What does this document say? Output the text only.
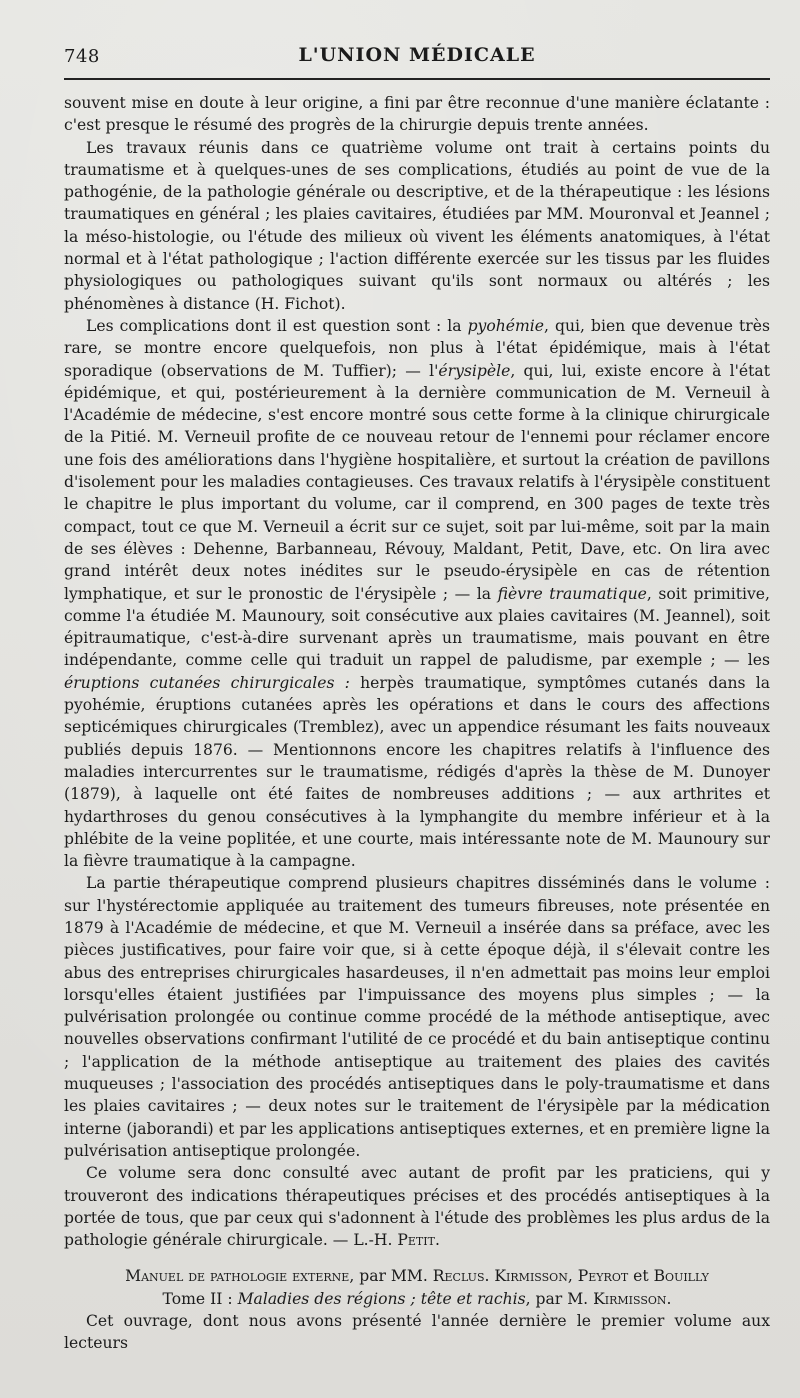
748	L'UNION MÉDICALE

souvent mise en doute à leur origine, a fini par être reconnue d'une manière éclatante : c'est presque le résumé des progrès de la chirurgie depuis trente années.

Les travaux réunis dans ce quatrième volume ont trait à certains points du traumatisme et à quelques-unes de ses complications, étudiés au point de vue de la pathogénie, de la pathologie générale ou descriptive, et de la thérapeutique : les lésions traumatiques en général ; les plaies cavitaires, étudiées par MM. Mouronval et Jeannel ; la méso-histologie, ou l'étude des milieux où vivent les éléments anatomiques, à l'état normal et à l'état pathologique ; l'action différente exercée sur les tissus par les fluides physiologiques ou pathologiques suivant qu'ils sont normaux ou altérés ; les phénomènes à distance (H. Fichot).

Les complications dont il est question sont : la pyohémie, qui, bien que devenue très rare, se montre encore quelquefois, non plus à l'état épidémique, mais à l'état sporadique (observations de M. Tuffier); — l'érysipèle, qui, lui, existe encore à l'état épidémique, et qui, postérieurement à la dernière communication de M. Verneuil à l'Académie de médecine, s'est encore montré sous cette forme à la clinique chirurgicale de la Pitié. M. Verneuil profite de ce nouveau retour de l'ennemi pour réclamer encore une fois des améliorations dans l'hygiène hospitalière, et surtout la création de pavillons d'isolement pour les maladies contagieuses. Ces travaux relatifs à l'érysipèle constituent le chapitre le plus important du volume, car il comprend, en 300 pages de texte très compact, tout ce que M. Verneuil a écrit sur ce sujet, soit par lui-même, soit par la main de ses élèves : Dehenne, Barbanneau, Révouy, Maldant, Petit, Dave, etc. On lira avec grand intérêt deux notes inédites sur le pseudo-érysipèle en cas de rétention lymphatique, et sur le pronostic de l'érysipèle ; — la fièvre traumatique, soit primitive, comme l'a étudiée M. Maunoury, soit consécutive aux plaies cavitaires (M. Jeannel), soit épitraumatique, c'est-à-dire survenant après un traumatisme, mais pouvant en être indépendante, comme celle qui traduit un rappel de paludisme, par exemple ; — les éruptions cutanées chirurgicales : herpès traumatique, symptômes cutanés dans la pyohémie, éruptions cutanées après les opérations et dans le cours des affections septicémiques chirurgicales (Tremblez), avec un appendice résumant les faits nouveaux publiés depuis 1876. — Mentionnons encore les chapitres relatifs à l'influence des maladies intercurrentes sur le traumatisme, rédigés d'après la thèse de M. Dunoyer (1879), à laquelle ont été faites de nombreuses additions ; — aux arthrites et hydarthroses du genou consécutives à la lymphangite du membre inférieur et à la phlébite de la veine poplitée, et une courte, mais intéressante note de M. Maunoury sur la fièvre traumatique à la campagne.

La partie thérapeutique comprend plusieurs chapitres disséminés dans le volume : sur l'hystérectomie appliquée au traitement des tumeurs fibreuses, note présentée en 1879 à l'Académie de médecine, et que M. Verneuil a insérée dans sa préface, avec les pièces justificatives, pour faire voir que, si à cette époque déjà, il s'élevait contre les abus des entreprises chirurgicales hasardeuses, il n'en admettait pas moins leur emploi lorsqu'elles étaient justifiées par l'impuissance des moyens plus simples ; — la pulvérisation prolongée ou continue comme procédé de la méthode antiseptique, avec nouvelles observations confirmant l'utilité de ce procédé et du bain antiseptique continu ; l'application de la méthode antiseptique au traitement des plaies des cavités muqueuses ; l'association des procédés antiseptiques dans le poly-traumatisme et dans les plaies cavitaires ; — deux notes sur le traitement de l'érysipèle par la médication interne (jaborandi) et par les applications antiseptiques externes, et en première ligne la pulvérisation antiseptique prolongée.

Ce volume sera donc consulté avec autant de profit par les praticiens, qui y trouveront des indications thérapeutiques précises et des procédés antiseptiques à la portée de tous, que par ceux qui s'adonnent à l'étude des problèmes les plus ardus de la pathologie générale chirurgicale. — L.-H. Petit.

Manuel de pathologie externe, par MM. Reclus. Kirmisson, Peyrot et Bouilly
Tome II : Maladies des régions ; tête et rachis, par M. Kirmisson.

Cet ouvrage, dont nous avons présenté l'année dernière le premier volume aux lecteurs
